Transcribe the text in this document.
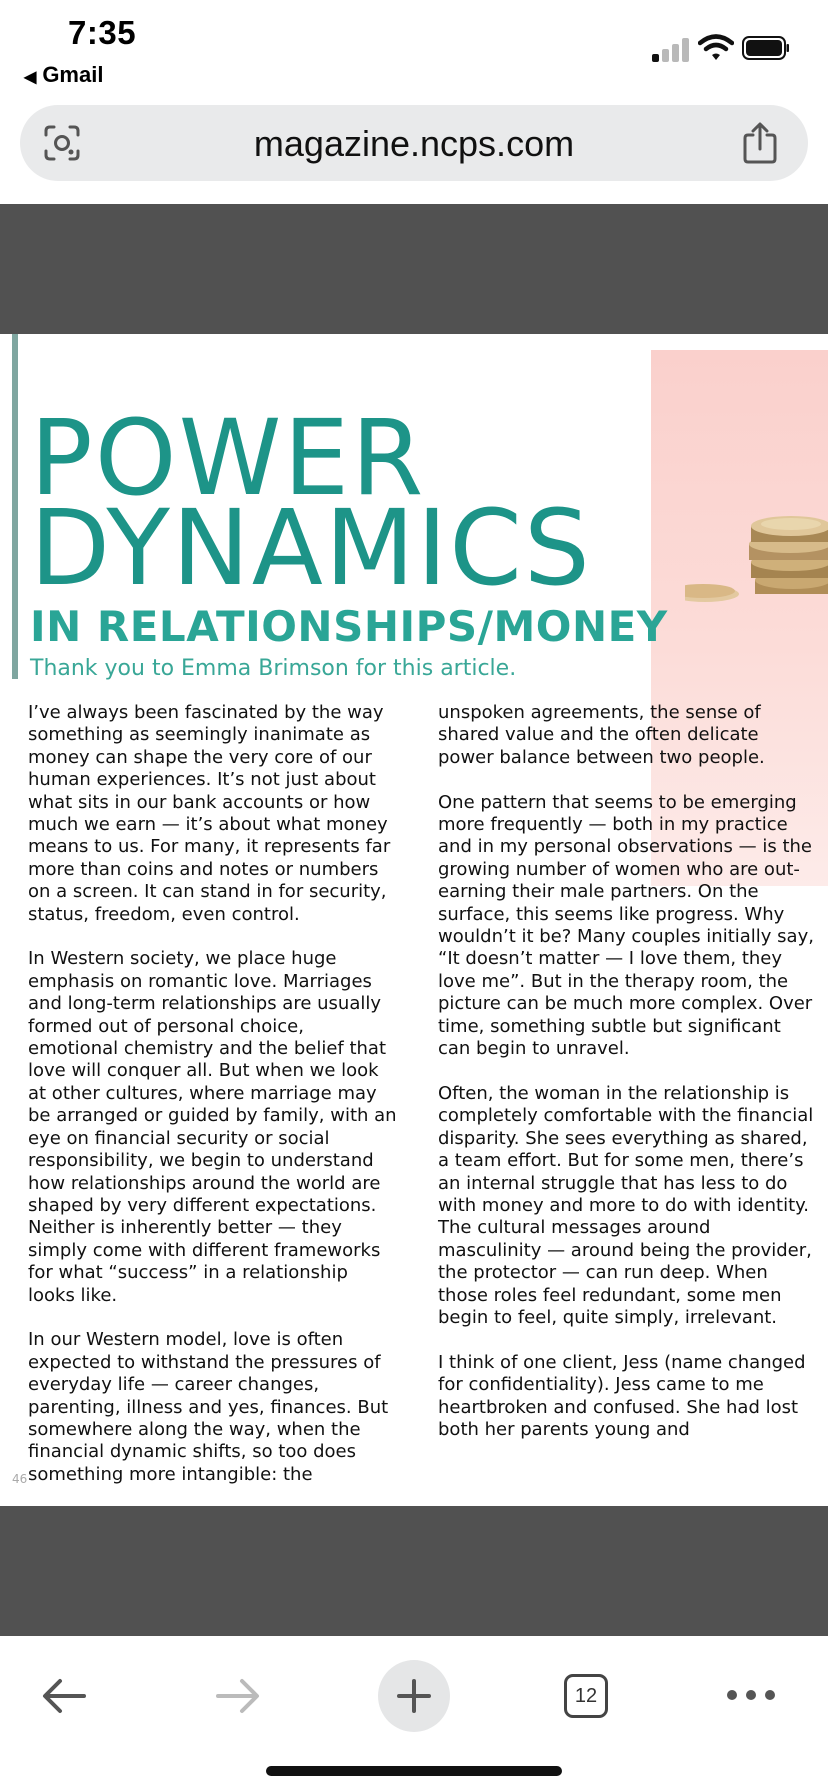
7:35
◀ Gmail
magazine.ncps.com
POWER
DYNAMICS
IN RELATIONSHIPS/MONEY

Thank you to Emma Brimson for this article.

I’ve always been fascinated by the way something as seemingly inanimate as money can shape the very core of our human experiences. It’s not just about what sits in our bank accounts or how much we earn — it’s about what money means to us. For many, it represents far more than coins and notes or numbers on a screen. It can stand in for security, status, freedom, even control.

In Western society, we place huge emphasis on romantic love. Marriages and long-term relationships are usually formed out of personal choice, emotional chemistry and the belief that love will conquer all. But when we look at other cultures, where marriage may be arranged or guided by family, with an eye on financial security or social responsibility, we begin to understand how relationships around the world are shaped by very different expectations. Neither is inherently better — they simply come with different frameworks for what “success” in a relationship looks like.

In our Western model, love is often expected to withstand the pressures of everyday life — career changes, parenting, illness and yes, finances. But somewhere along the way, when the financial dynamic shifts, so too does something more intangible: the

unspoken agreements, the sense of shared value and the often delicate power balance between two people.

One pattern that seems to be emerging more frequently — both in my practice and in my personal observations — is the growing number of women who are out-earning their male partners. On the surface, this seems like progress. Why wouldn’t it be? Many couples initially say, “It doesn’t matter — I love them, they love me”. But in the therapy room, the picture can be much more complex. Over time, something subtle but significant can begin to unravel.

Often, the woman in the relationship is completely comfortable with the financial disparity. She sees everything as shared, a team effort. But for some men, there’s an internal struggle that has less to do with money and more to do with identity. The cultural messages around masculinity — around being the provider, the protector — can run deep. When those roles feel redundant, some men begin to feel, quite simply, irrelevant.

I think of one client, Jess (name changed for confidentiality). Jess came to me heartbroken and confused. She had lost both her parents young and

46
12
